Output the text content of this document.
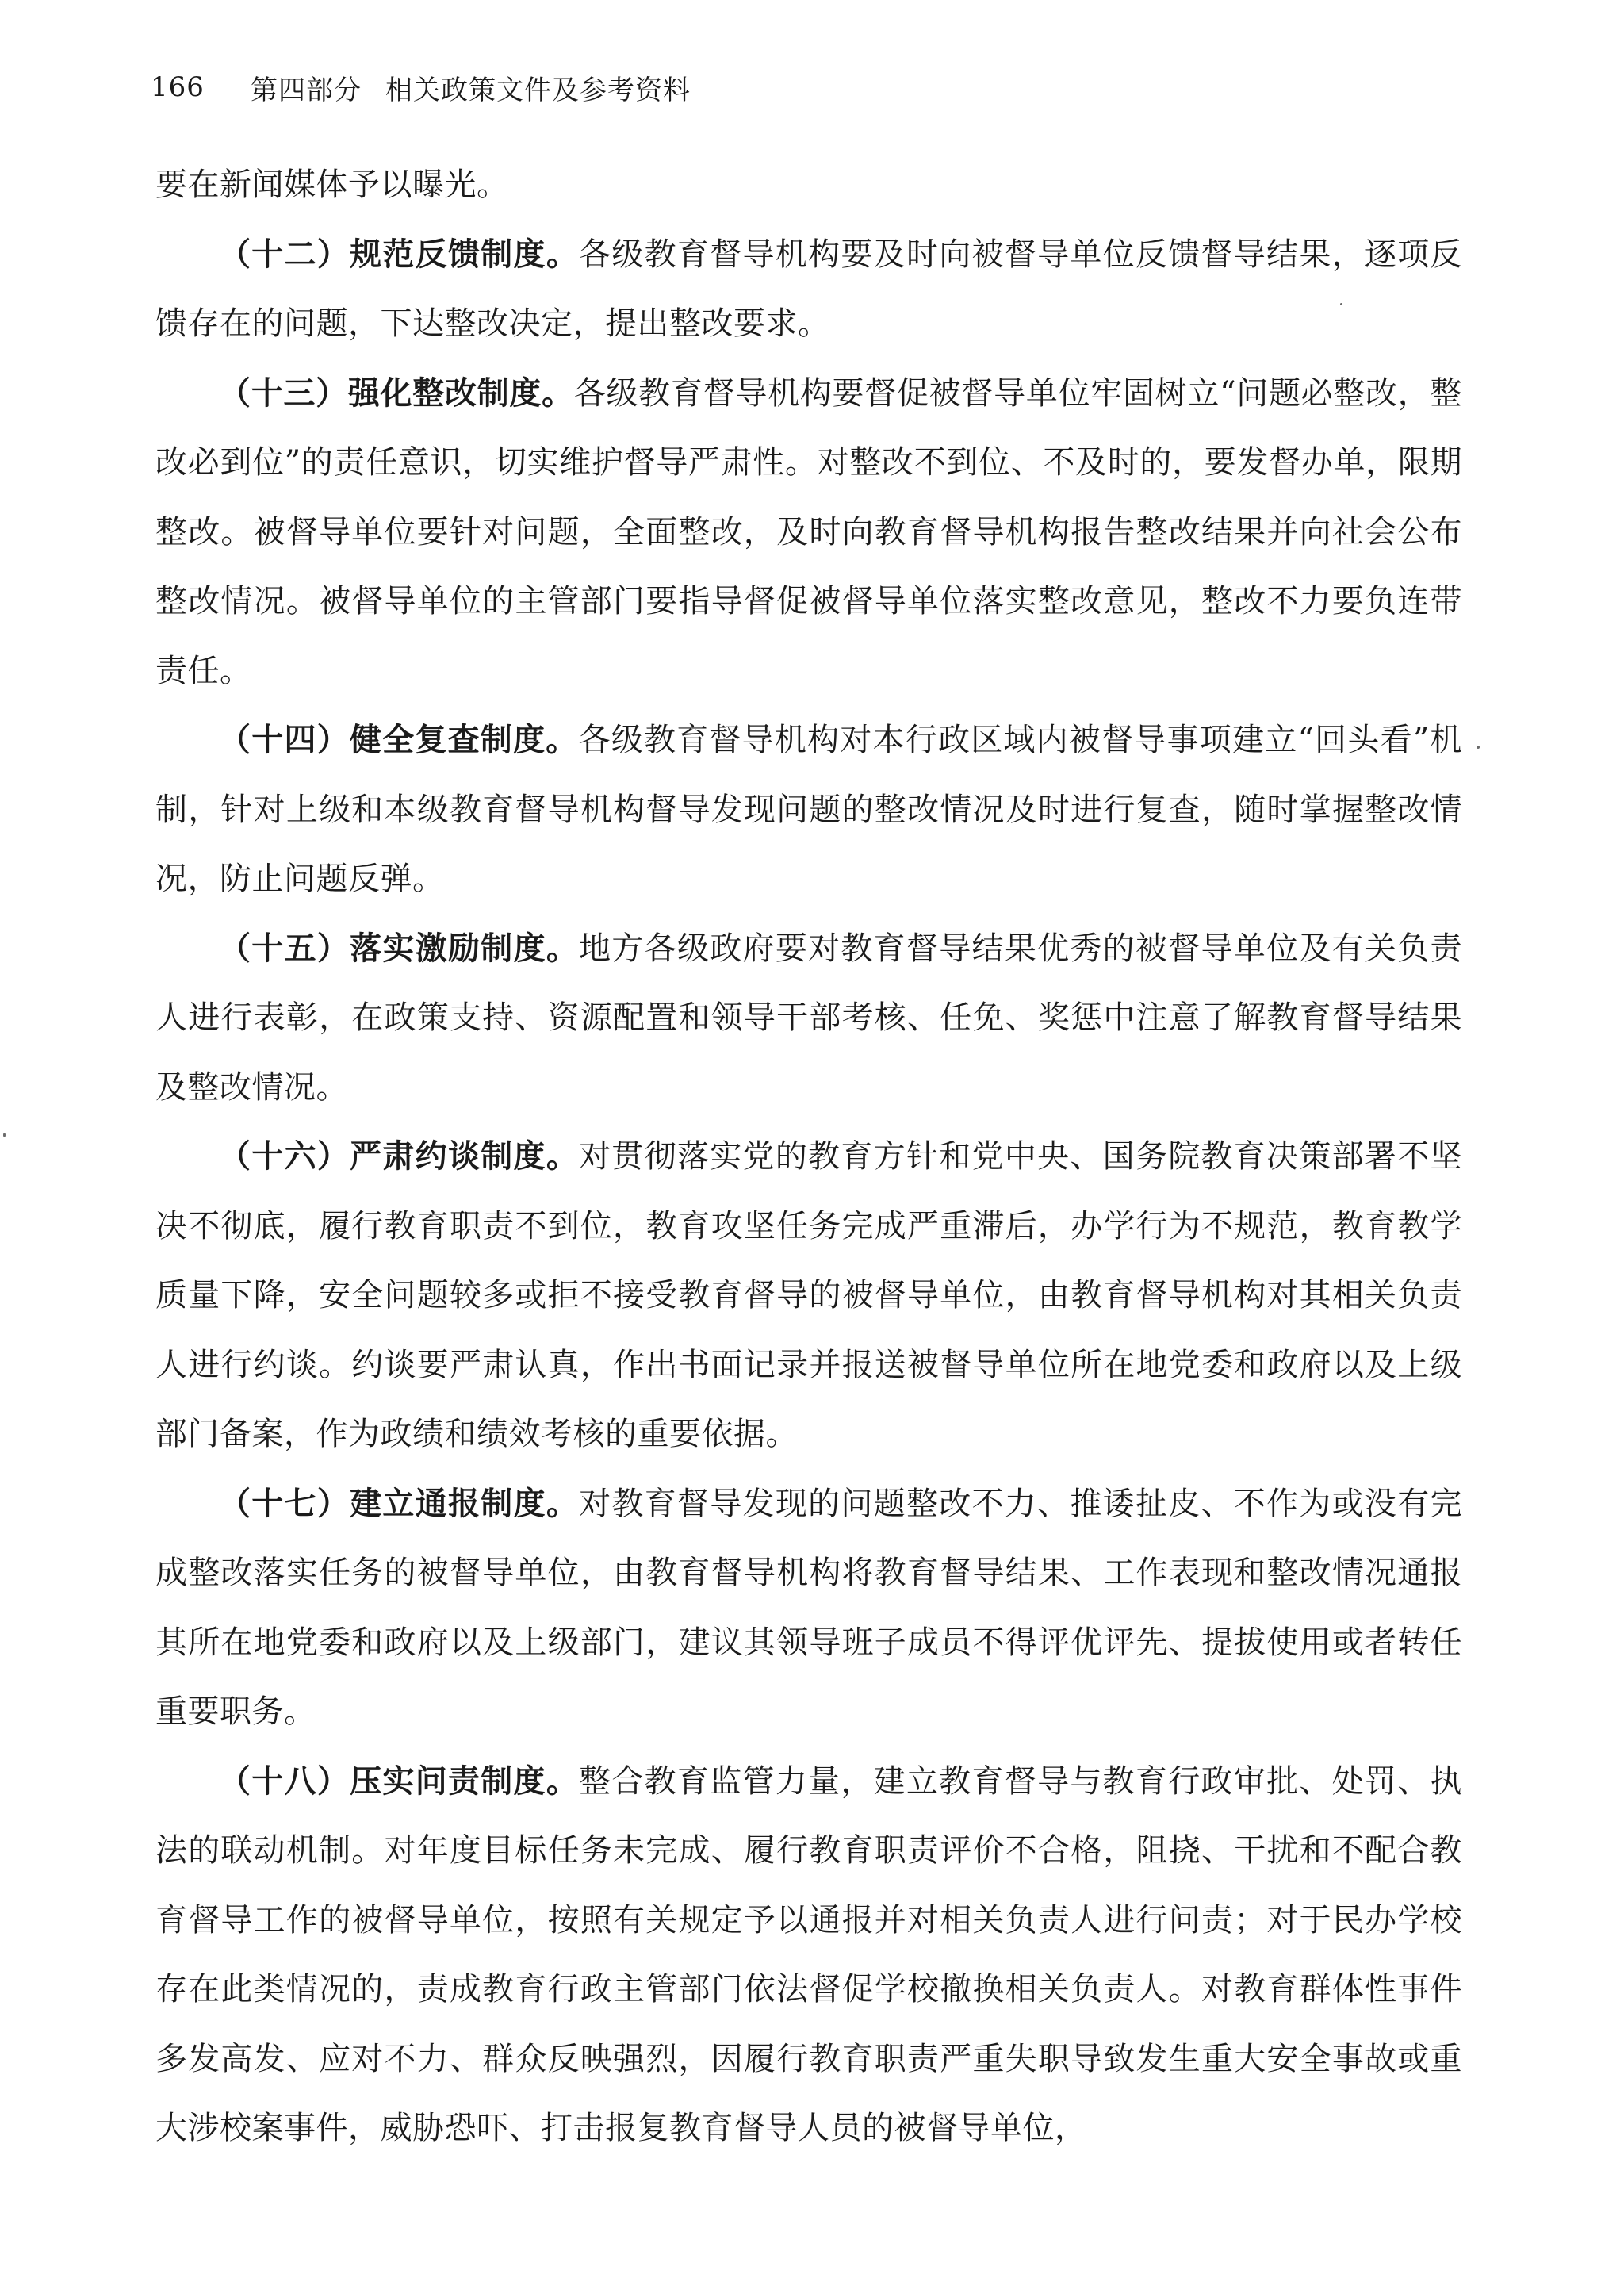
166	第四部分 相关政策文件及参考资料

要在新闻媒体予以曝光。

（十二）规范反馈制度。各级教育督导机构要及时向被督导单位反馈督导结果，逐项反馈存在的问题，下达整改决定，提出整改要求。

（十三）强化整改制度。各级教育督导机构要督促被督导单位牢固树立“问题必整改，整改必到位”的责任意识，切实维护督导严肃性。对整改不到位、不及时的，要发督办单，限期整改。被督导单位要针对问题，全面整改，及时向教育督导机构报告整改结果并向社会公布整改情况。被督导单位的主管部门要指导督促被督导单位落实整改意见，整改不力要负连带责任。

（十四）健全复查制度。各级教育督导机构对本行政区域内被督导事项建立“回头看”机制，针对上级和本级教育督导机构督导发现问题的整改情况及时进行复查，随时掌握整改情况，防止问题反弹。

（十五）落实激励制度。地方各级政府要对教育督导结果优秀的被督导单位及有关负责人进行表彰，在政策支持、资源配置和领导干部考核、任免、奖惩中注意了解教育督导结果及整改情况。

（十六）严肃约谈制度。对贯彻落实党的教育方针和党中央、国务院教育决策部署不坚决不彻底，履行教育职责不到位，教育攻坚任务完成严重滞后，办学行为不规范，教育教学质量下降，安全问题较多或拒不接受教育督导的被督导单位，由教育督导机构对其相关负责人进行约谈。约谈要严肃认真，作出书面记录并报送被督导单位所在地党委和政府以及上级部门备案，作为政绩和绩效考核的重要依据。

（十七）建立通报制度。对教育督导发现的问题整改不力、推诿扯皮、不作为或没有完成整改落实任务的被督导单位，由教育督导机构将教育督导结果、工作表现和整改情况通报其所在地党委和政府以及上级部门，建议其领导班子成员不得评优评先、提拔使用或者转任重要职务。

（十八）压实问责制度。整合教育监管力量，建立教育督导与教育行政审批、处罚、执法的联动机制。对年度目标任务未完成、履行教育职责评价不合格，阻挠、干扰和不配合教育督导工作的被督导单位，按照有关规定予以通报并对相关负责人进行问责；对于民办学校存在此类情况的，责成教育行政主管部门依法督促学校撤换相关负责人。对教育群体性事件多发高发、应对不力、群众反映强烈，因履行教育职责严重失职导致发生重大安全事故或重大涉校案事件，威胁恐吓、打击报复教育督导人员的被督导单位，
